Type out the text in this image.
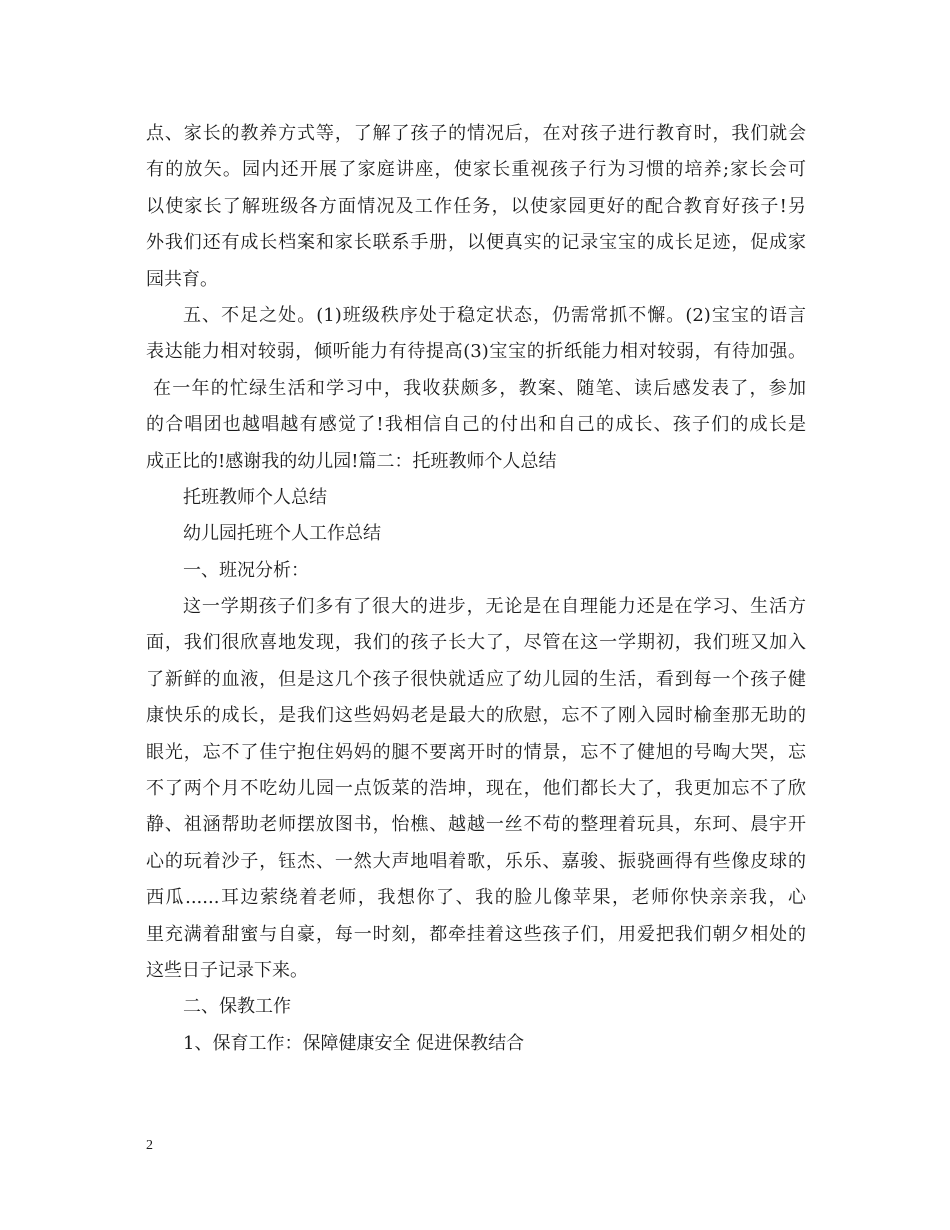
点、家长的教养方式等，了解了孩子的情况后，在对孩子进行教育时，我们就会
有的放矢。园内还开展了家庭讲座，使家长重视孩子行为习惯的培养;家长会可
以使家长了解班级各方面情况及工作任务，以使家园更好的配合教育好孩子!另
外我们还有成长档案和家长联系手册，以便真实的记录宝宝的成长足迹，促成家
园共育。
五、不足之处。(1)班级秩序处于稳定状态，仍需常抓不懈。(2)宝宝的语言
表达能力相对较弱，倾听能力有待提高(3)宝宝的折纸能力相对较弱，有待加强。
在一年的忙绿生活和学习中，我收获颇多，教案、随笔、读后感发表了，参加
的合唱团也越唱越有感觉了!我相信自己的付出和自己的成长、孩子们的成长是
成正比的!感谢我的幼儿园!篇二：托班教师个人总结
托班教师个人总结
幼儿园托班个人工作总结
一、班况分析：
这一学期孩子们多有了很大的进步，无论是在自理能力还是在学习、生活方
面，我们很欣喜地发现，我们的孩子长大了，尽管在这一学期初，我们班又加入
了新鲜的血液，但是这几个孩子很快就适应了幼儿园的生活，看到每一个孩子健
康快乐的成长，是我们这些妈妈老是最大的欣慰，忘不了刚入园时榆奎那无助的
眼光，忘不了佳宁抱住妈妈的腿不要离开时的情景，忘不了健旭的号啕大哭，忘
不了两个月不吃幼儿园一点饭菜的浩坤，现在，他们都长大了，我更加忘不了欣
静、祖涵帮助老师摆放图书，怡樵、越越一丝不苟的整理着玩具，东珂、晨宇开
心的玩着沙子，钰杰、一然大声地唱着歌，乐乐、嘉骏、振骁画得有些像皮球的
西瓜......耳边萦绕着老师，我想你了、我的脸儿像苹果，老师你快亲亲我，心
里充满着甜蜜与自豪，每一时刻，都牵挂着这些孩子们，用爱把我们朝夕相处的
这些日子记录下来。
二、保教工作
1、保育工作：保障健康安全 促进保教结合
2
